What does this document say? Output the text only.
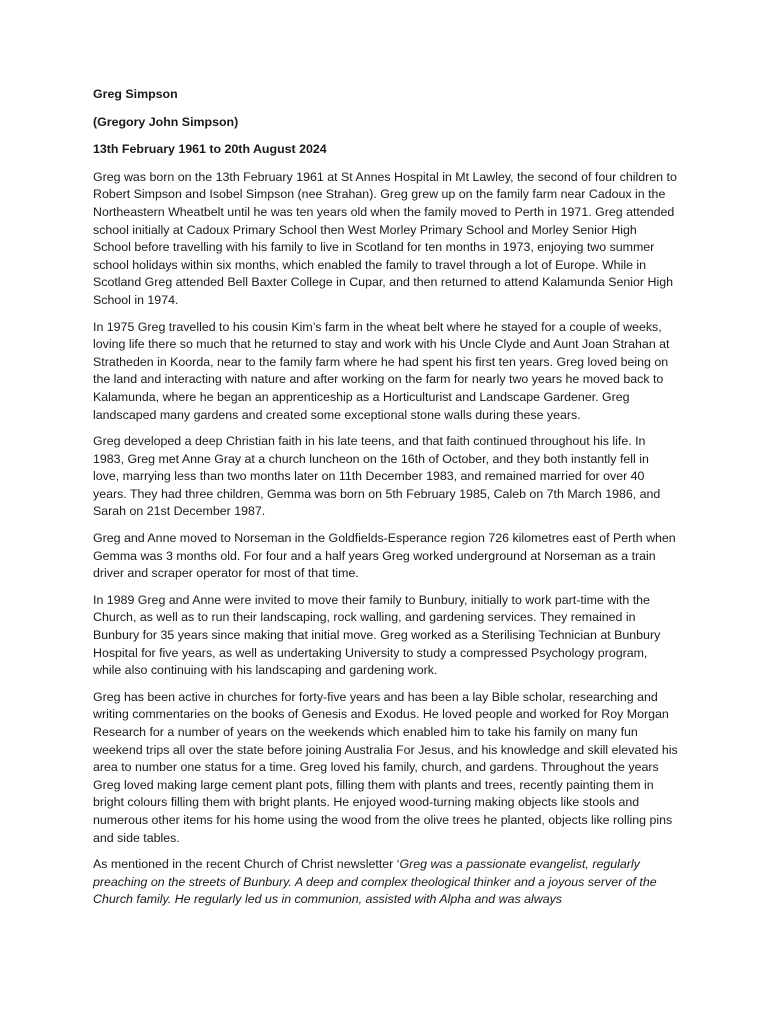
Greg Simpson

(Gregory John Simpson)

13th February 1961 to 20th August 2024

Greg was born on the 13th February 1961 at St Annes Hospital in Mt Lawley, the second of four children to Robert Simpson and Isobel Simpson (nee Strahan). Greg grew up on the family farm near Cadoux in the Northeastern Wheatbelt until he was ten years old when the family moved to Perth in 1971. Greg attended school initially at Cadoux Primary School then West Morley Primary School and Morley Senior High School before travelling with his family to live in Scotland for ten months in 1973, enjoying two summer school holidays within six months, which enabled the family to travel through a lot of Europe. While in Scotland Greg attended Bell Baxter College in Cupar, and then returned to attend Kalamunda Senior High School in 1974.

In 1975 Greg travelled to his cousin Kim’s farm in the wheat belt where he stayed for a couple of weeks, loving life there so much that he returned to stay and work with his Uncle Clyde and Aunt Joan Strahan at Stratheden in Koorda, near to the family farm where he had spent his first ten years. Greg loved being on the land and interacting with nature and after working on the farm for nearly two years he moved back to Kalamunda, where he began an apprenticeship as a Horticulturist and Landscape Gardener. Greg landscaped many gardens and created some exceptional stone walls during these years.

Greg developed a deep Christian faith in his late teens, and that faith continued throughout his life. In 1983, Greg met Anne Gray at a church luncheon on the 16th of October, and they both instantly fell in love, marrying less than two months later on 11th December 1983, and remained married for over 40 years. They had three children, Gemma was born on 5th February 1985, Caleb on 7th March 1986, and Sarah on 21st December 1987.

Greg and Anne moved to Norseman in the Goldfields-Esperance region 726 kilometres east of Perth when Gemma was 3 months old. For four and a half years Greg worked underground at Norseman as a train driver and scraper operator for most of that time.

In 1989 Greg and Anne were invited to move their family to Bunbury, initially to work part-time with the Church, as well as to run their landscaping, rock walling, and gardening services. They remained in Bunbury for 35 years since making that initial move. Greg worked as a Sterilising Technician at Bunbury Hospital for five years, as well as undertaking University to study a compressed Psychology program, while also continuing with his landscaping and gardening work.

Greg has been active in churches for forty-five years and has been a lay Bible scholar, researching and writing commentaries on the books of Genesis and Exodus. He loved people and worked for Roy Morgan Research for a number of years on the weekends which enabled him to take his family on many fun weekend trips all over the state before joining Australia For Jesus, and his knowledge and skill elevated his area to number one status for a time. Greg loved his family, church, and gardens. Throughout the years Greg loved making large cement plant pots, filling them with plants and trees, recently painting them in bright colours filling them with bright plants. He enjoyed wood-turning making objects like stools and numerous other items for his home using the wood from the olive trees he planted, objects like rolling pins and side tables.

As mentioned in the recent Church of Christ newsletter ‘Greg was a passionate evangelist, regularly preaching on the streets of Bunbury. A deep and complex theological thinker and a joyous server of the Church family. He regularly led us in communion, assisted with Alpha and was always
